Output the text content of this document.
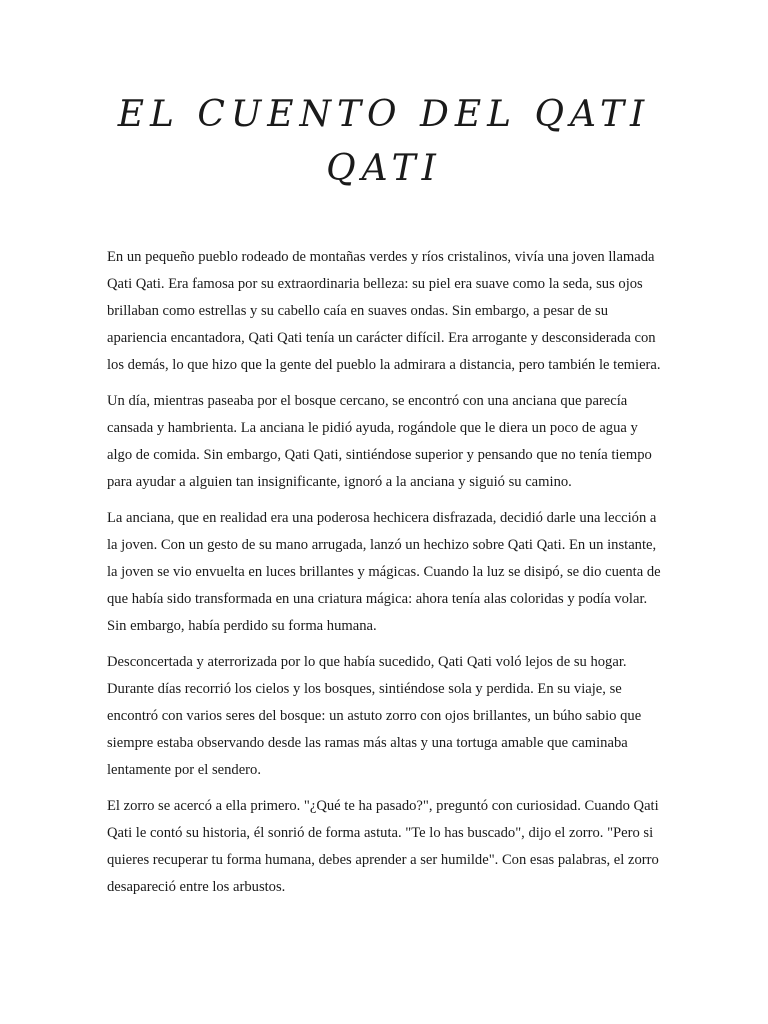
EL CUENTO DEL QATI
QATI

En un pequeño pueblo rodeado de montañas verdes y ríos cristalinos, vivía una joven llamada Qati Qati. Era famosa por su extraordinaria belleza: su piel era suave como la seda, sus ojos brillaban como estrellas y su cabello caía en suaves ondas. Sin embargo, a pesar de su apariencia encantadora, Qati Qati tenía un carácter difícil. Era arrogante y desconsiderada con los demás, lo que hizo que la gente del pueblo la admirara a distancia, pero también le temiera.

Un día, mientras paseaba por el bosque cercano, se encontró con una anciana que parecía cansada y hambrienta. La anciana le pidió ayuda, rogándole que le diera un poco de agua y algo de comida. Sin embargo, Qati Qati, sintiéndose superior y pensando que no tenía tiempo para ayudar a alguien tan insignificante, ignoró a la anciana y siguió su camino.

La anciana, que en realidad era una poderosa hechicera disfrazada, decidió darle una lección a la joven. Con un gesto de su mano arrugada, lanzó un hechizo sobre Qati Qati. En un instante, la joven se vio envuelta en luces brillantes y mágicas. Cuando la luz se disipó, se dio cuenta de que había sido transformada en una criatura mágica: ahora tenía alas coloridas y podía volar. Sin embargo, había perdido su forma humana.

Desconcertada y aterrorizada por lo que había sucedido, Qati Qati voló lejos de su hogar. Durante días recorrió los cielos y los bosques, sintiéndose sola y perdida. En su viaje, se encontró con varios seres del bosque: un astuto zorro con ojos brillantes, un búho sabio que siempre estaba observando desde las ramas más altas y una tortuga amable que caminaba lentamente por el sendero.

El zorro se acercó a ella primero. "¿Qué te ha pasado?", preguntó con curiosidad. Cuando Qati Qati le contó su historia, él sonrió de forma astuta. "Te lo has buscado", dijo el zorro. "Pero si quieres recuperar tu forma humana, debes aprender a ser humilde". Con esas palabras, el zorro desapareció entre los arbustos.
